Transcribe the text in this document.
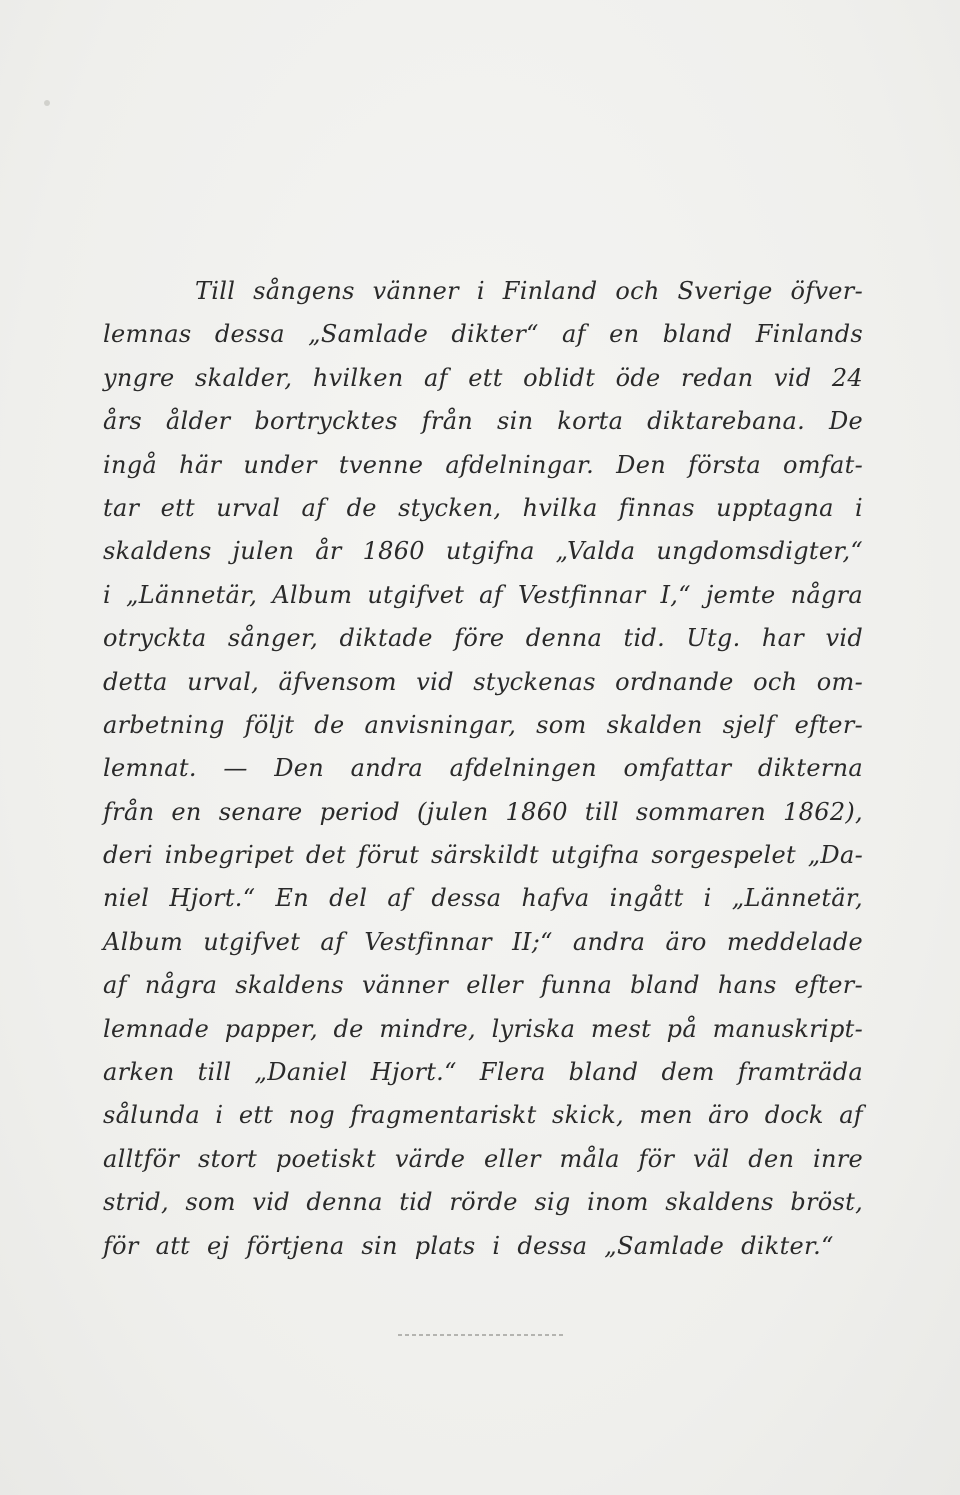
Till sångens vänner i Finland och Sverige öfver-
lemnas dessa „Samlade dikter“ af en bland Finlands
yngre skalder, hvilken af ett oblidt öde redan vid 24
års ålder bortrycktes från sin korta diktarebana. De
ingå här under tvenne afdelningar. Den första omfat-
tar ett urval af de stycken, hvilka finnas upptagna i
skaldens julen år 1860 utgifna „Valda ungdomsdigter,“
i „Lännetär, Album utgifvet af Vestfinnar I,“ jemte några
otryckta sånger, diktade före denna tid. Utg. har vid
detta urval, äfvensom vid styckenas ordnande och om-
arbetning följt de anvisningar, som skalden sjelf efter-
lemnat. — Den andra afdelningen omfattar dikterna
från en senare period (julen 1860 till sommaren 1862),
deri inbegripet det förut särskildt utgifna sorgespelet „Da-
niel Hjort.“ En del af dessa hafva ingått i „Lännetär,
Album utgifvet af Vestfinnar II;“ andra äro meddelade
af några skaldens vänner eller funna bland hans efter-
lemnade papper, de mindre, lyriska mest på manuskript-
arken till „Daniel Hjort.“ Flera bland dem framträda
sålunda i ett nog fragmentariskt skick, men äro dock af
alltför stort poetiskt värde eller måla för väl den inre
strid, som vid denna tid rörde sig inom skaldens bröst,
för att ej förtjena sin plats i dessa „Samlade dikter.“
